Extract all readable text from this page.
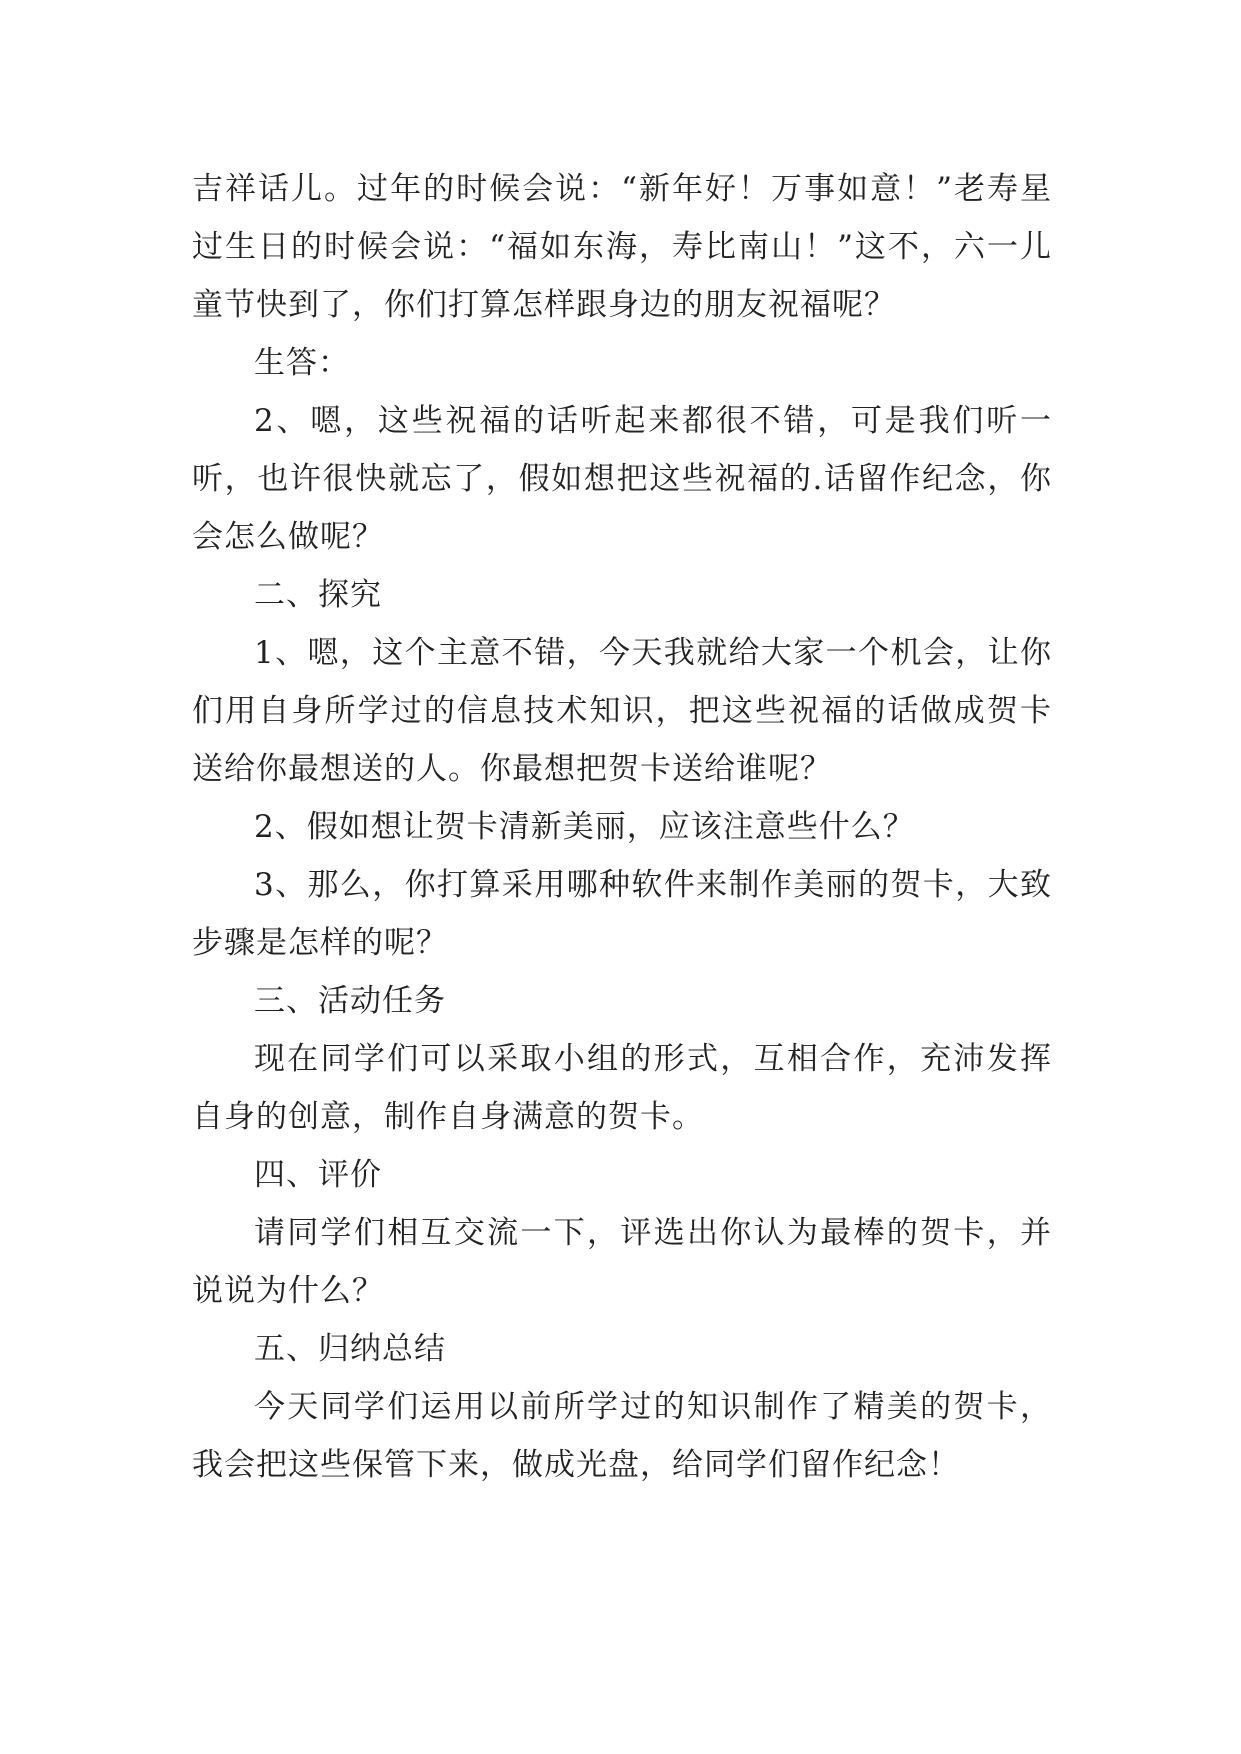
吉祥话儿。过年的时候会说：“新年好！万事如意！”老寿星过生日的时候会说：“福如东海，寿比南山！”这不，六一儿童节快到了，你们打算怎样跟身边的朋友祝福呢？

生答：

2、嗯，这些祝福的话听起来都很不错，可是我们听一听，也许很快就忘了，假如想把这些祝福的.话留作纪念，你会怎么做呢？

二、探究

1、嗯，这个主意不错，今天我就给大家一个机会，让你们用自身所学过的信息技术知识，把这些祝福的话做成贺卡送给你最想送的人。你最想把贺卡送给谁呢？

2、假如想让贺卡清新美丽，应该注意些什么？

3、那么，你打算采用哪种软件来制作美丽的贺卡，大致步骤是怎样的呢？

三、活动任务

现在同学们可以采取小组的形式，互相合作，充沛发挥自身的创意，制作自身满意的贺卡。

四、评价

请同学们相互交流一下，评选出你认为最棒的贺卡，并说说为什么？

五、归纳总结

今天同学们运用以前所学过的知识制作了精美的贺卡，我会把这些保管下来，做成光盘，给同学们留作纪念！
